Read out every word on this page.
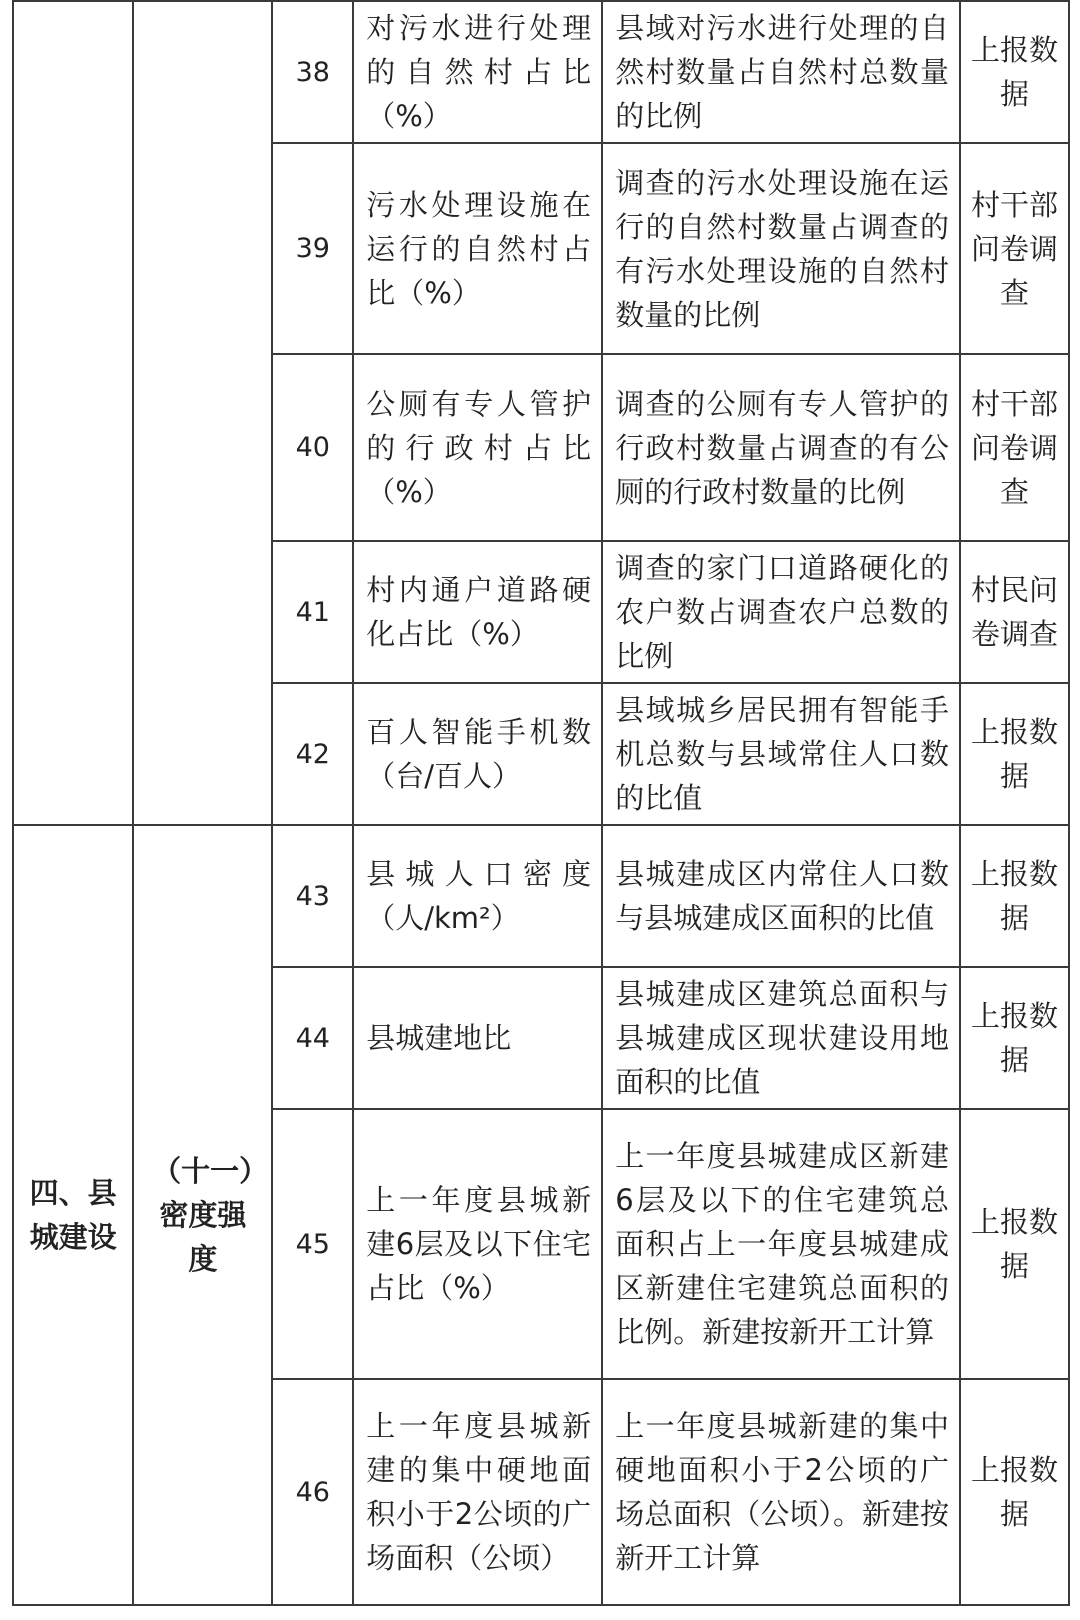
		38	对污水进行处理的自然村占比（%）	县域对污水进行处理的自然村数量占自然村总数量的比例	上报数据
		39	污水处理设施在运行的自然村占比（%）	调查的污水处理设施在运行的自然村数量占调查的有污水处理设施的自然村数量的比例	村干部问卷调查
		40	公厕有专人管护的行政村占比（%）	调查的公厕有专人管护的行政村数量占调查的有公厕的行政村数量的比例	村干部问卷调查
		41	村内通户道路硬化占比（%）	调查的家门口道路硬化的农户数占调查农户总数的比例	村民问卷调查
		42	百人智能手机数（台/百人）	县域城乡居民拥有智能手机总数与县域常住人口数的比值	上报数据
四、县城建设	（十一）密度强度	43	县城人口密度（人/km²）	县城建成区内常住人口数与县城建成区面积的比值	上报数据
		44	县城建地比	县城建成区建筑总面积与县城建成区现状建设用地面积的比值	上报数据
		45	上一年度县城新建6层及以下住宅占比（%）	上一年度县城建成区新建6层及以下的住宅建筑总面积占上一年度县城建成区新建住宅建筑总面积的比例。新建按新开工计算	上报数据
		46	上一年度县城新建的集中硬地面积小于2公顷的广场面积（公顷）	上一年度县城新建的集中硬地面积小于2公顷的广场总面积（公顷）。新建按新开工计算	上报数据
